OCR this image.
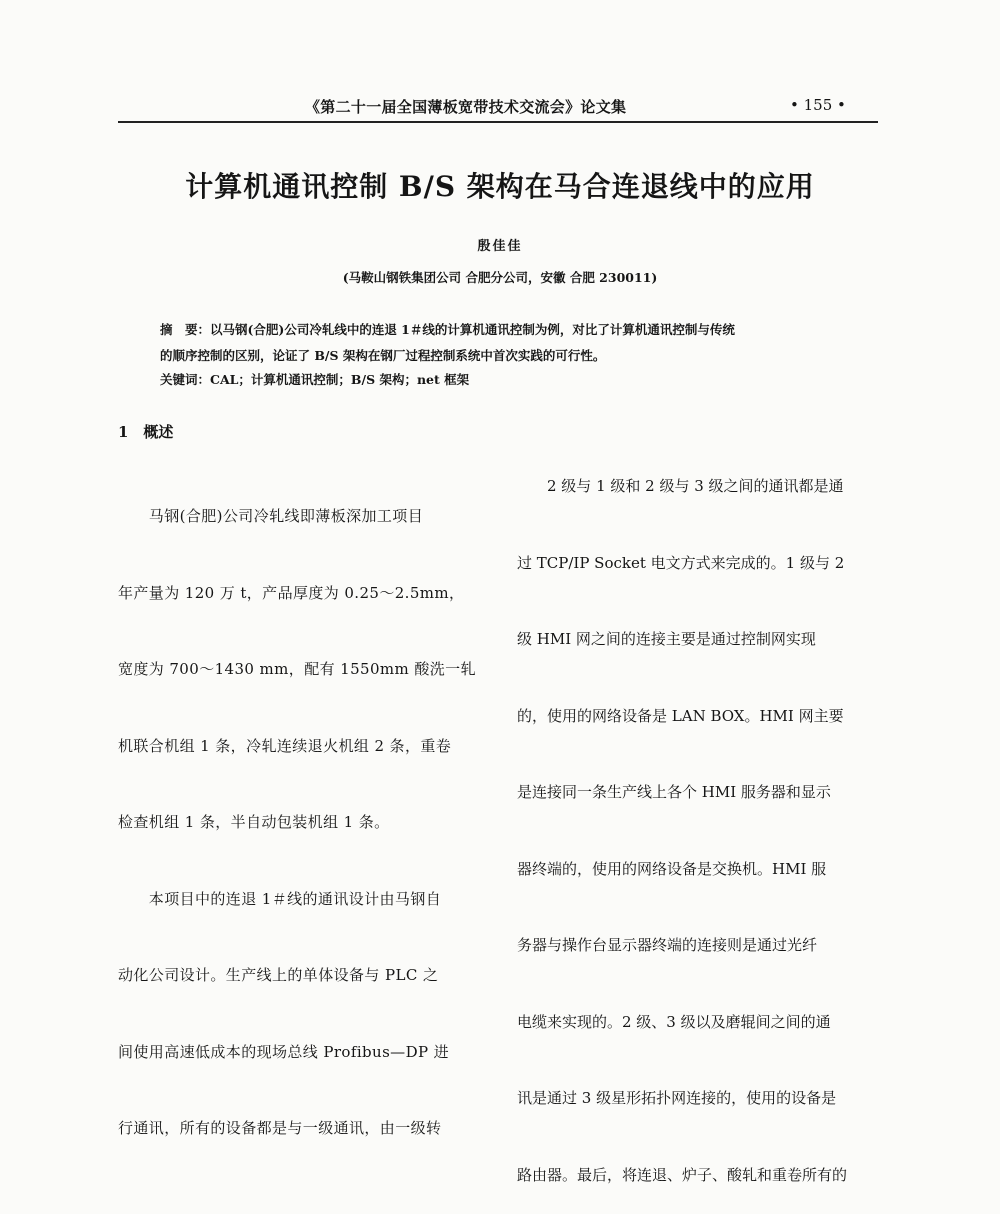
《第二十一届全国薄板宽带技术交流会》论文集	• 155 •
计算机通讯控制 B/S 架构在马合连退线中的应用
殷佳佳
(马鞍山钢铁集团公司 合肥分公司，安徽 合肥 230011)
摘　要：以马钢(合肥)公司冷轧线中的连退 1＃线的计算机通讯控制为例，对比了计算机通讯控制与传统
的顺序控制的区别，论证了 B/S 架构在钢厂过程控制系统中首次实践的可行性。
关键词：CAL；计算机通讯控制；B/S 架构；net 框架
1　概述

　　马钢(合肥)公司冷轧线即薄板深加工项目

年产量为 120 万 t，产品厚度为 0.25～2.5mm，

宽度为 700～1430 mm，配有 1550mm 酸洗一轧

机联合机组 1 条，冷轧连续退火机组 2 条，重卷

检查机组 1 条，半自动包装机组 1 条。

　　本项目中的连退 1＃线的通讯设计由马钢自

动化公司设计。生产线上的单体设备与 PLC 之

间使用高速低成本的现场总线 Profibus—DP 进

行通讯，所有的设备都是与一级通讯，由一级转

　　2 级与 1 级和 2 级与 3 级之间的通讯都是通

过 TCP/IP Socket 电文方式来完成的。1 级与 2

级 HMI 网之间的连接主要是通过控制网实现

的，使用的网络设备是 LAN BOX。HMI 网主要

是连接同一条生产线上各个 HMI 服务器和显示

器终端的，使用的网络设备是交换机。HMI 服

务器与操作台显示器终端的连接则是通过光纤

电缆来实现的。2 级、3 级以及磨辊间之间的通

讯是通过 3 级星形拓扑网连接的，使用的设备是

路由器。最后，将连退、炉子、酸轧和重卷所有的
